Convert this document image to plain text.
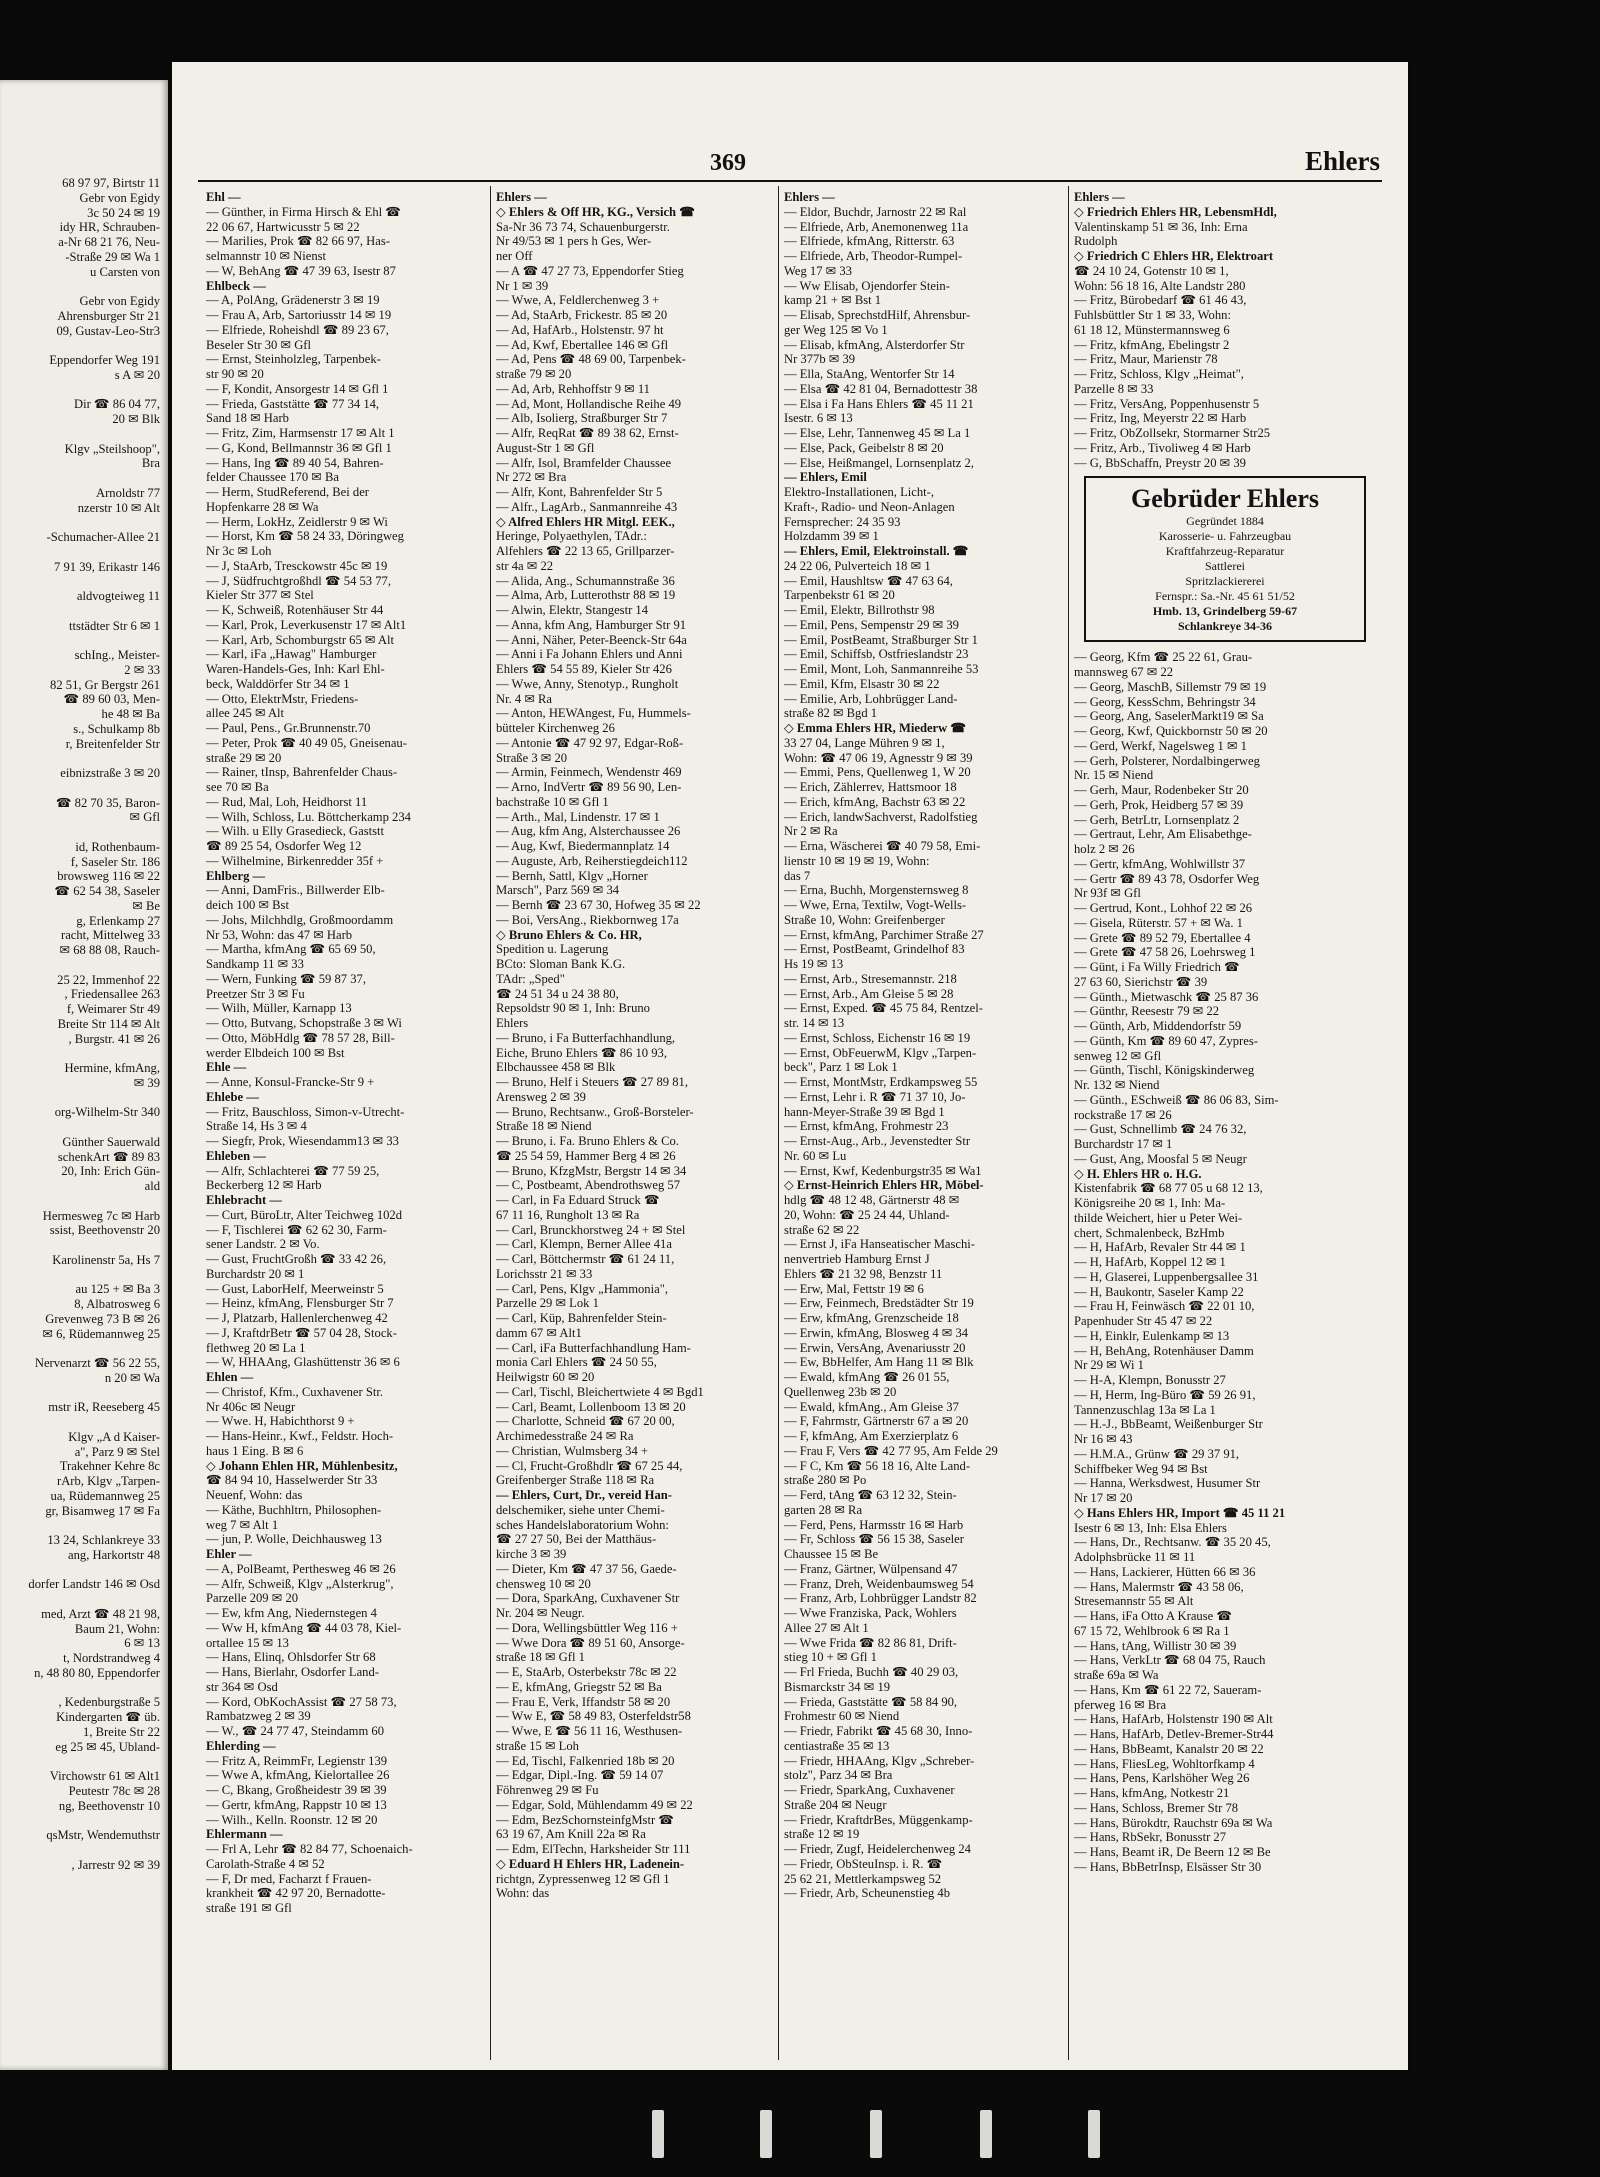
68 97 97, Birtstr 11
Gebr von Egidy
3c 50 24 ✉ 19
idy HR, Schrauben-
a-Nr 68 21 76, Neu-
-Straße 29 ✉ Wa 1
u Carsten von

Gebr von Egidy
Ahrensburger Str 21
09, Gustav-Leo-Str3

Eppendorfer Weg 191
s A ✉ 20

Dir ☎ 86 04 77,
20 ✉ Blk

Klgv „Steilshoop",
Bra

Arnoldstr 77
nzerstr 10 ✉ Alt

-Schumacher-Allee 21

7 91 39, Erikastr 146

aldvogteiweg 11

ttstädter Str 6 ✉ 1

schIng., Meister-
2 ✉ 33
82 51, Gr Bergstr 261
☎ 89 60 03, Men-
he 48 ✉ Ba
s., Schulkamp 8b
r, Breitenfelder Str

eibnizstraße 3 ✉ 20

☎ 82 70 35, Baron-
✉ Gfl

id, Rothenbaum-
f, Saseler Str. 186
browsweg 116 ✉ 22
☎ 62 54 38, Saseler
✉ Be
g, Erlenkamp 27
racht, Mittelweg 33
✉ 68 88 08, Rauch-

25 22, Immenhof 22
, Friedensallee 263
f, Weimarer Str 49
Breite Str 114 ✉ Alt
, Burgstr. 41 ✉ 26

Hermine, kfmAng,
✉ 39

org-Wilhelm-Str 340

Günther Sauerwald
schenkArt ☎ 89 83
20, Inh: Erich Gün-
ald

Hermesweg 7c ✉ Harb
ssist, Beethovenstr 20

Karolinenstr 5a, Hs 7

au 125 + ✉ Ba 3
8, Albatrosweg 6
Grevenweg 73 B ✉ 26
✉ 6, Rüdemannweg 25

Nervenarzt ☎ 56 22 55,
n 20 ✉ Wa

mstr iR, Reeseberg 45

Klgv „A d Kaiser-
a", Parz 9 ✉ Stel
Trakehner Kehre 8c
rArb, Klgv „Tarpen-
ua, Rüdemannweg 25
gr, Bisamweg 17 ✉ Fa

13 24, Schlankreye 33
ang, Harkortstr 48

dorfer Landstr 146 ✉ Osd

med, Arzt ☎ 48 21 98,
Baum 21, Wohn:
6 ✉ 13
t, Nordstrandweg 4
n, 48 80 80, Eppendorfer

, Kedenburgstraße 5
Kindergarten ☎ üb.
1, Breite Str 22
eg 25 ✉ 45, Ubland-

Virchowstr 61 ✉ Alt1
Peutestr 78c ✉ 28
ng, Beethovenstr 10

qsMstr, Wendemuthstr

, Jarrestr 92 ✉ 39
369	Ehlers
Ehl —
— Günther, in Firma Hirsch & Ehl ☎
22 06 67, Hartwicusstr 5 ✉ 22
— Marilies, Prok ☎ 82 66 97, Has-
selmannstr 10 ✉ Nienst
— W, BehAng ☎ 47 39 63, Isestr 87
Ehlbeck —
— A, PolAng, Grädenerstr 3 ✉ 19
— Frau A, Arb, Sartoriusstr 14 ✉ 19
— Elfriede, Roheishdl ☎ 89 23 67,
Beseler Str 30 ✉ Gfl
— Ernst, Steinholzleg, Tarpenbek-
str 90 ✉ 20
— F, Kondit, Ansorgestr 14 ✉ Gfl 1
— Frieda, Gaststätte ☎ 77 34 14,
Sand 18 ✉ Harb
— Fritz, Zim, Harmsenstr 17 ✉ Alt 1
— G, Kond, Bellmannstr 36 ✉ Gfl 1
— Hans, Ing ☎ 89 40 54, Bahren-
felder Chaussee 170 ✉ Ba
— Herm, StudReferend, Bei der
Hopfenkarre 28 ✉ Wa
— Herm, LokHz, Zeidlerstr 9 ✉ Wi
— Horst, Km ☎ 58 24 33, Döringweg
Nr 3c ✉ Loh
— J, StaArb, Tresckowstr 45c ✉ 19
— J, Südfruchtgroßhdl ☎ 54 53 77,
Kieler Str 377 ✉ Stel
— K, Schweiß, Rotenhäuser Str 44
— Karl, Prok, Leverkusenstr 17 ✉ Alt1
— Karl, Arb, Schomburgstr 65 ✉ Alt
— Karl, iFa „Hawag" Hamburger
Waren-Handels-Ges, Inh: Karl Ehl-
beck, Walddörfer Str 34 ✉ 1
— Otto, ElektrMstr, Friedens-
allee 245 ✉ Alt
— Paul, Pens., Gr.Brunnenstr.70
— Peter, Prok ☎ 40 49 05, Gneisenau-
straße 29 ✉ 20
— Rainer, tInsp, Bahrenfelder Chaus-
see 70 ✉ Ba
— Rud, Mal, Loh, Heidhorst 11
— Wilh, Schloss, Lu. Böttcherkamp 234
— Wilh. u Elly Grasedieck, Gaststt
☎ 89 25 54, Osdorfer Weg 12
— Wilhelmine, Birkenredder 35f +
Ehlberg —
— Anni, DamFris., Billwerder Elb-
deich 100 ✉ Bst
— Johs, Milchhdlg, Großmoordamm
Nr 53, Wohn: das 47 ✉ Harb
— Martha, kfmAng ☎ 65 69 50,
Sandkamp 11 ✉ 33
— Wern, Funking ☎ 59 87 37,
Preetzer Str 3 ✉ Fu
— Wilh, Müller, Karnapp 13
— Otto, Butvang, Schopstraße 3 ✉ Wi
— Otto, MöbHdlg ☎ 78 57 28, Bill-
werder Elbdeich 100 ✉ Bst
Ehle —
— Anne, Konsul-Francke-Str 9 +
Ehlebe —
— Fritz, Bauschloss, Simon-v-Utrecht-
Straße 14, Hs 3 ✉ 4
— Siegfr, Prok, Wiesendamm13 ✉ 33
Ehleben —
— Alfr, Schlachterei ☎ 77 59 25,
Beckerberg 12 ✉ Harb
Ehlebracht —
— Curt, BüroLtr, Alter Teichweg 102d
— F, Tischlerei ☎ 62 62 30, Farm-
sener Landstr. 2 ✉ Vo.
— Gust, FruchtGroßh ☎ 33 42 26,
Burchardstr 20 ✉ 1
— Gust, LaborHelf, Meerweinstr 5
— Heinz, kfmAng, Flensburger Str 7
— J, Platzarb, Hallenlerchenweg 42
— J, KraftdrBetr ☎ 57 04 28, Stock-
flethweg 20 ✉ La 1
— W, HHAAng, Glashüttenstr 36 ✉ 6
Ehlen —
— Christof, Kfm., Cuxhavener Str.
Nr 406c ✉ Neugr
— Wwe. H, Habichthorst 9 +
— Hans-Heinr., Kwf., Feldstr. Hoch-
haus 1 Eing. B ✉ 6
◇ Johann Ehlen HR, Mühlenbesitz,
☎ 84 94 10, Hasselwerder Str 33
Neuenf, Wohn: das
— Käthe, Buchhltrn, Philosophen-
weg 7 ✉ Alt 1
— jun, P. Wolle, Deichhausweg 13
Ehler —
— A, PolBeamt, Perthesweg 46 ✉ 26
— Alfr, Schweiß, Klgv „Alsterkrug",
Parzelle 209 ✉ 20
— Ew, kfm Ang, Niedernstegen 4
— Ww H, kfmAng ☎ 44 03 78, Kiel-
ortallee 15 ✉ 13
— Hans, Elinq, Ohlsdorfer Str 68
— Hans, Bierlahr, Osdorfer Land-
str 364 ✉ Osd
— Kord, ObKochAssist ☎ 27 58 73,
Rambatzweg 2 ✉ 39
— W., ☎ 24 77 47, Steindamm 60
Ehlerding —
— Fritz A, ReimmFr, Legienstr 139
— Wwe A, kfmAng, Kielortallee 26
— C, Bkang, Großheidestr 39 ✉ 39
— Gertr, kfmAng, Rappstr 10 ✉ 13
— Wilh., Kelln. Roonstr. 12 ✉ 20
Ehlermann —
— Frl A, Lehr ☎ 82 84 77, Schoenaich-
Carolath-Straße 4 ✉ 52
— F, Dr med, Facharzt f Frauen-
krankheit ☎ 42 97 20, Bernadotte-
straße 191 ✉ Gfl
Ehlers —
◇ Ehlers & Off HR, KG., Versich ☎
Sa-Nr 36 73 74, Schauenburgerstr.
Nr 49/53 ✉ 1 pers h Ges, Wer-
ner Off
— A ☎ 47 27 73, Eppendorfer Stieg
Nr 1 ✉ 39
— Wwe, A, Feldlerchenweg 3 +
— Ad, StaArb, Frickestr. 85 ✉ 20
— Ad, HafArb., Holstenstr. 97 ht
— Ad, Kwf, Ebertallee 146 ✉ Gfl
— Ad, Pens ☎ 48 69 00, Tarpenbek-
straße 79 ✉ 20
— Ad, Arb, Rehhoffstr 9 ✉ 11
— Ad, Mont, Hollandische Reihe 49
— Alb, Isolierg, Straßburger Str 7
— Alfr, ReqRat ☎ 89 38 62, Ernst-
August-Str 1 ✉ Gfl
— Alfr, Isol, Bramfelder Chaussee
Nr 272 ✉ Bra
— Alfr, Kont, Bahrenfelder Str 5
— Alfr., LagArb., Sanmannreihe 43
◇ Alfred Ehlers HR Mitgl. EEK.,
Heringe, Polyaethylen, TAdr.:
Alfehlers ☎ 22 13 65, Grillparzer-
str 4a ✉ 22
— Alida, Ang., Schumannstraße 36
— Alma, Arb, Lutterothstr 88 ✉ 19
— Alwin, Elektr, Stangestr 14
— Anna, kfm Ang, Hamburger Str 91
— Anni, Näher, Peter-Beenck-Str 64a
— Anni i Fa Johann Ehlers und Anni
Ehlers ☎ 54 55 89, Kieler Str 426
— Wwe, Anny, Stenotyp., Rungholt
Nr. 4 ✉ Ra
— Anton, HEWAngest, Fu, Hummels-
bütteler Kirchenweg 26
— Antonie ☎ 47 92 97, Edgar-Roß-
Straße 3 ✉ 20
— Armin, Feinmech, Wendenstr 469
— Arno, IndVertr ☎ 89 56 90, Len-
bachstraße 10 ✉ Gfl 1
— Arth., Mal, Lindenstr. 17 ✉ 1
— Aug, kfm Ang, Alsterchaussee 26
— Aug, Kwf, Biedermannplatz 14
— Auguste, Arb, Reiherstiegdeich112
— Bernh, Sattl, Klgv „Horner
Marsch", Parz 569 ✉ 34
— Bernh ☎ 23 67 30, Hofweg 35 ✉ 22
— Boi, VersAng., Riekbornweg 17a
◇ Bruno Ehlers & Co. HR,
Spedition u. Lagerung
BCto: Sloman Bank K.G.
TAdr: „Sped"
☎ 24 51 34 u 24 38 80,
Repsoldstr 90 ✉ 1, Inh: Bruno
Ehlers
— Bruno, i Fa Butterfachhandlung,
Eiche, Bruno Ehlers ☎ 86 10 93,
Elbchaussee 458 ✉ Blk
— Bruno, Helf i Steuers ☎ 27 89 81,
Arensweg 2 ✉ 39
— Bruno, Rechtsanw., Groß-Borsteler-
Straße 18 ✉ Niend
— Bruno, i. Fa. Bruno Ehlers & Co.
☎ 25 54 59, Hammer Berg 4 ✉ 26
— Bruno, KfzgMstr, Bergstr 14 ✉ 34
— C, Postbeamt, Abendrothsweg 57
— Carl, in Fa Eduard Struck ☎
67 11 16, Rungholt 13 ✉ Ra
— Carl, Brunckhorstweg 24 + ✉ Stel
— Carl, Klempn, Berner Allee 41a
— Carl, Böttchermstr ☎ 61 24 11,
Lorichsstr 21 ✉ 33
— Carl, Pens, Klgv „Hammonia",
Parzelle 29 ✉ Lok 1
— Carl, Küp, Bahrenfelder Stein-
damm 67 ✉ Alt1
— Carl, iFa Butterfachhandlung Ham-
monia Carl Ehlers ☎ 24 50 55,
Heilwigstr 60 ✉ 20
— Carl, Tischl, Bleichertwiete 4 ✉ Bgd1
— Carl, Beamt, Lollenboom 13 ✉ 20
— Charlotte, Schneid ☎ 67 20 00,
Archimedesstraße 24 ✉ Ra
— Christian, Wulmsberg 34 +
— Cl, Frucht-Großhdlr ☎ 67 25 44,
Greifenberger Straße 118 ✉ Ra
— Ehlers, Curt, Dr., vereid Han-
delschemiker, siehe unter Chemi-
sches Handelslaboratorium Wohn:
☎ 27 27 50, Bei der Matthäus-
kirche 3 ✉ 39
— Dieter, Km ☎ 47 37 56, Gaede-
chensweg 10 ✉ 20
— Dora, SparkAng, Cuxhavener Str
Nr. 204 ✉ Neugr.
— Dora, Wellingsbüttler Weg 116 +
— Wwe Dora ☎ 89 51 60, Ansorge-
straße 18 ✉ Gfl 1
— E, StaArb, Osterbekstr 78c ✉ 22
— E, kfmAng, Griegstr 52 ✉ Ba
— Frau E, Verk, Iffandstr 58 ✉ 20
— Ww E, ☎ 58 49 83, Osterfeldstr58
— Wwe, E ☎ 56 11 16, Westhusen-
straße 15 ✉ Loh
— Ed, Tischl, Falkenried 18b ✉ 20
— Edgar, Dipl.-Ing. ☎ 59 14 07
Föhrenweg 29 ✉ Fu
— Edgar, Sold, Mühlendamm 49 ✉ 22
— Edm, BezSchornsteinfgMstr ☎
63 19 67, Am Knill 22a ✉ Ra
— Edm, ElTechn, Harksheider Str 111
◇ Eduard H Ehlers HR, Ladenein-
richtgn, Zypressenweg 12 ✉ Gfl 1
Wohn: das
Ehlers —
— Eldor, Buchdr, Jarnostr 22 ✉ Ral
— Elfriede, Arb, Anemonenweg 11a
— Elfriede, kfmAng, Ritterstr. 63
— Elfriede, Arb, Theodor-Rumpel-
Weg 17 ✉ 33
— Ww Elisab, Ojendorfer Stein-
kamp 21 + ✉ Bst 1
— Elisab, SprechstdHilf, Ahrensbur-
ger Weg 125 ✉ Vo 1
— Elisab, kfmAng, Alsterdorfer Str
Nr 377b ✉ 39
— Ella, StaAng, Wentorfer Str 14
— Elsa ☎ 42 81 04, Bernadottestr 38
— Elsa i Fa Hans Ehlers ☎ 45 11 21
Isestr. 6 ✉ 13
— Else, Lehr, Tannenweg 45 ✉ La 1
— Else, Pack, Geibelstr 8 ✉ 20
— Else, Heißmangel, Lornsenplatz 2,
— Ehlers, Emil
Elektro-Installationen, Licht-,
Kraft-, Radio- und Neon-Anlagen
Fernsprecher: 24 35 93
Holzdamm 39 ✉ 1
— Ehlers, Emil, Elektroinstall. ☎
24 22 06, Pulverteich 18 ✉ 1
— Emil, Haushltsw ☎ 47 63 64,
Tarpenbekstr 61 ✉ 20
— Emil, Elektr, Billrothstr 98
— Emil, Pens, Sempenstr 29 ✉ 39
— Emil, PostBeamt, Straßburger Str 1
— Emil, Schiffsb, Ostfrieslandstr 23
— Emil, Mont, Loh, Sanmannreihe 53
— Emil, Kfm, Elsastr 30 ✉ 22
— Emilie, Arb, Lohbrügger Land-
straße 82 ✉ Bgd 1
◇ Emma Ehlers HR, Miederw ☎
33 27 04, Lange Mühren 9 ✉ 1,
Wohn: ☎ 47 06 19, Agnesstr 9 ✉ 39
— Emmi, Pens, Quellenweg 1, W 20
— Erich, Zählerrev, Hattsmoor 18
— Erich, kfmAng, Bachstr 63 ✉ 22
— Erich, landwSachverst, Radolfstieg
Nr 2 ✉ Ra
— Erna, Wäscherei ☎ 40 79 58, Emi-
lienstr 10 ✉ 19 ✉ 19, Wohn:
das 7
— Erna, Buchh, Morgensternsweg 8
— Wwe, Erna, Textilw, Vogt-Wells-
Straße 10, Wohn: Greifenberger
— Ernst, kfmAng, Parchimer Straße 27
— Ernst, PostBeamt, Grindelhof 83
Hs 19 ✉ 13
— Ernst, Arb., Stresemannstr. 218
— Ernst, Arb., Am Gleise 5 ✉ 28
— Ernst, Exped. ☎ 45 75 84, Rentzel-
str. 14 ✉ 13
— Ernst, Schloss, Eichenstr 16 ✉ 19
— Ernst, ObFeuerwM, Klgv „Tarpen-
beck", Parz 1 ✉ Lok 1
— Ernst, MontMstr, Erdkampsweg 55
— Ernst, Lehr i. R ☎ 71 37 10, Jo-
hann-Meyer-Straße 39 ✉ Bgd 1
— Ernst, kfmAng, Frohmestr 23
— Ernst-Aug., Arb., Jevenstedter Str
Nr. 60 ✉ Lu
— Ernst, Kwf, Kedenburgstr35 ✉ Wa1
◇ Ernst-Heinrich Ehlers HR, Möbel-
hdlg ☎ 48 12 48, Gärtnerstr 48 ✉
20, Wohn: ☎ 25 24 44, Uhland-
straße 62 ✉ 22
— Ernst J, iFa Hanseatischer Maschi-
nenvertrieb Hamburg Ernst J
Ehlers ☎ 21 32 98, Benzstr 11
— Erw, Mal, Fettstr 19 ✉ 6
— Erw, Feinmech, Bredstädter Str 19
— Erw, kfmAng, Grenzscheide 18
— Erwin, kfmAng, Blosweg 4 ✉ 34
— Erwin, VersAng, Avenariusstr 20
— Ew, BbHelfer, Am Hang 11 ✉ Blk
— Ewald, kfmAng ☎ 26 01 55,
Quellenweg 23b ✉ 20
— Ewald, kfmAng., Am Gleise 37
— F, Fahrmstr, Gärtnerstr 67 a ✉ 20
— F, kfmAng, Am Exerzierplatz 6
— Frau F, Vers ☎ 42 77 95, Am Felde 29
— F C, Km ☎ 56 18 16, Alte Land-
straße 280 ✉ Po
— Ferd, tAng ☎ 63 12 32, Stein-
garten 28 ✉ Ra
— Ferd, Pens, Harmsstr 16 ✉ Harb
— Fr, Schloss ☎ 56 15 38, Saseler
Chaussee 15 ✉ Be
— Franz, Gärtner, Wülpensand 47
— Franz, Dreh, Weidenbaumsweg 54
— Franz, Arb, Lohbrügger Landstr 82
— Wwe Franziska, Pack, Wohlers
Allee 27 ✉ Alt 1
— Wwe Frida ☎ 82 86 81, Drift-
stieg 10 + ✉ Gfl 1
— Frl Frieda, Buchh ☎ 40 29 03,
Bismarckstr 34 ✉ 19
— Frieda, Gaststätte ☎ 58 84 90,
Frohmestr 60 ✉ Niend
— Friedr, Fabrikt ☎ 45 68 30, Inno-
centiastraße 35 ✉ 13
— Friedr, HHAAng, Klgv „Schreber-
stolz", Parz 34 ✉ Bra
— Friedr, SparkAng, Cuxhavener
Straße 204 ✉ Neugr
— Friedr, KraftdrBes, Müggenkamp-
straße 12 ✉ 19
— Friedr, Zugf, Heidelerchenweg 24
— Friedr, ObSteuInsp. i. R. ☎
25 62 21, Mettlerkampsweg 52
— Friedr, Arb, Scheunenstieg 4b
Ehlers —
◇ Friedrich Ehlers HR, LebensmHdl,
Valentinskamp 51 ✉ 36, Inh: Erna
Rudolph
◇ Friedrich C Ehlers HR, Elektroart
☎ 24 10 24, Gotenstr 10 ✉ 1,
Wohn: 56 18 16, Alte Landstr 280
— Fritz, Bürobedarf ☎ 61 46 43,
Fuhlsbüttler Str 1 ✉ 33, Wohn:
61 18 12, Münstermannsweg 6
— Fritz, kfmAng, Ebelingstr 2
— Fritz, Maur, Marienstr 78
— Fritz, Schloss, Klgv „Heimat",
Parzelle 8 ✉ 33
— Fritz, VersAng, Poppenhusenstr 5
— Fritz, Ing, Meyerstr 22 ✉ Harb
— Fritz, ObZollsekr, Stormarner Str25
— Fritz, Arb., Tivoliweg 4 ✉ Harb
— G, BbSchaffn, Preystr 20 ✉ 39
Gebrüder Ehlers
Gegründet 1884
Karosserie- u. Fahrzeugbau
Kraftfahrzeug-Reparatur
Sattlerei
Spritzlackiererei
Fernspr.: Sa.-Nr. 45 61 51/52
Hmb. 13, Grindelberg 59-67
Schlankreye 34-36
— Georg, Kfm ☎ 25 22 61, Grau-
mannsweg 67 ✉ 22
— Georg, MaschB, Sillemstr 79 ✉ 19
— Georg, KessSchm, Behringstr 34
— Georg, Ang, SaselerMarkt19 ✉ Sa
— Georg, Kwf, Quickbornstr 50 ✉ 20
— Gerd, Werkf, Nagelsweg 1 ✉ 1
— Gerh, Polsterer, Nordalbingerweg
Nr. 15 ✉ Niend
— Gerh, Maur, Rodenbeker Str 20
— Gerh, Prok, Heidberg 57 ✉ 39
— Gerh, BetrLtr, Lornsenplatz 2
— Gertraut, Lehr, Am Elisabethge-
holz 2 ✉ 26
— Gertr, kfmAng, Wohlwillstr 37
— Gertr ☎ 89 43 78, Osdorfer Weg
Nr 93f ✉ Gfl
— Gertrud, Kont., Lohhof 22 ✉ 26
— Gisela, Rüterstr. 57 + ✉ Wa. 1
— Grete ☎ 89 52 79, Ebertallee 4
— Grete ☎ 47 58 26, Loehrsweg 1
— Günt, i Fa Willy Friedrich ☎
27 63 60, Sierichstr ☎ 39
— Günth., Mietwaschk ☎ 25 87 36
— Günthr, Reesestr 79 ✉ 22
— Günth, Arb, Middendorfstr 59
— Günth, Km ☎ 89 60 47, Zypres-
senweg 12 ✉ Gfl
— Günth, Tischl, Königskinderweg
Nr. 132 ✉ Niend
— Günth., ESchweiß ☎ 86 06 83, Sim-
rockstraße 17 ✉ 26
— Gust, Schnellimb ☎ 24 76 32,
Burchardstr 17 ✉ 1
— Gust, Ang, Moosfal 5 ✉ Neugr
◇ H. Ehlers HR o. H.G.
Kistenfabrik ☎ 68 77 05 u 68 12 13,
Königsreihe 20 ✉ 1, Inh: Ma-
thilde Weichert, hier u Peter Wei-
chert, Schmalenbeck, BzHmb
— H, HafArb, Revaler Str 44 ✉ 1
— H, HafArb, Koppel 12 ✉ 1
— H, Glaserei, Luppenbergsallee 31
— H, Baukontr, Saseler Kamp 22
— Frau H, Feinwäsch ☎ 22 01 10,
Papenhuder Str 45 47 ✉ 22
— H, Einklr, Eulenkamp ✉ 13
— H, BehAng, Rotenhäuser Damm
Nr 29 ✉ Wi 1
— H-A, Klempn, Bonusstr 27
— H, Herm, Ing-Büro ☎ 59 26 91,
Tannenzuschlag 13a ✉ La 1
— H.-J., BbBeamt, Weißenburger Str
Nr 16 ✉ 43
— H.M.A., Grünw ☎ 29 37 91,
Schiffbeker Weg 94 ✉ Bst
— Hanna, Werksdwest, Husumer Str
Nr 17 ✉ 20
◇ Hans Ehlers HR, Import ☎ 45 11 21
Isestr 6 ✉ 13, Inh: Elsa Ehlers
— Hans, Dr., Rechtsanw. ☎ 35 20 45,
Adolphsbrücke 11 ✉ 11
— Hans, Lackierer, Hütten 66 ✉ 36
— Hans, Malermstr ☎ 43 58 06,
Stresemannstr 55 ✉ Alt
— Hans, iFa Otto A Krause ☎
67 15 72, Wehlbrook 6 ✉ Ra 1
— Hans, tAng, Willistr 30 ✉ 39
— Hans, VerkLtr ☎ 68 04 75, Rauch
straße 69a ✉ Wa
— Hans, Km ☎ 61 22 72, Saueram-
pferweg 16 ✉ Bra
— Hans, HafArb, Holstenstr 190 ✉ Alt
— Hans, HafArb, Detlev-Bremer-Str44
— Hans, BbBeamt, Kanalstr 20 ✉ 22
— Hans, FliesLeg, Wohltorfkamp 4
— Hans, Pens, Karlshöher Weg 26
— Hans, kfmAng, Notkestr 21
— Hans, Schloss, Bremer Str 78
— Hans, Bürokdtr, Rauchstr 69a ✉ Wa
— Hans, RbSekr, Bonusstr 27
— Hans, Beamt iR, De Beern 12 ✉ Be
— Hans, BbBetrInsp, Elsässer Str 30
